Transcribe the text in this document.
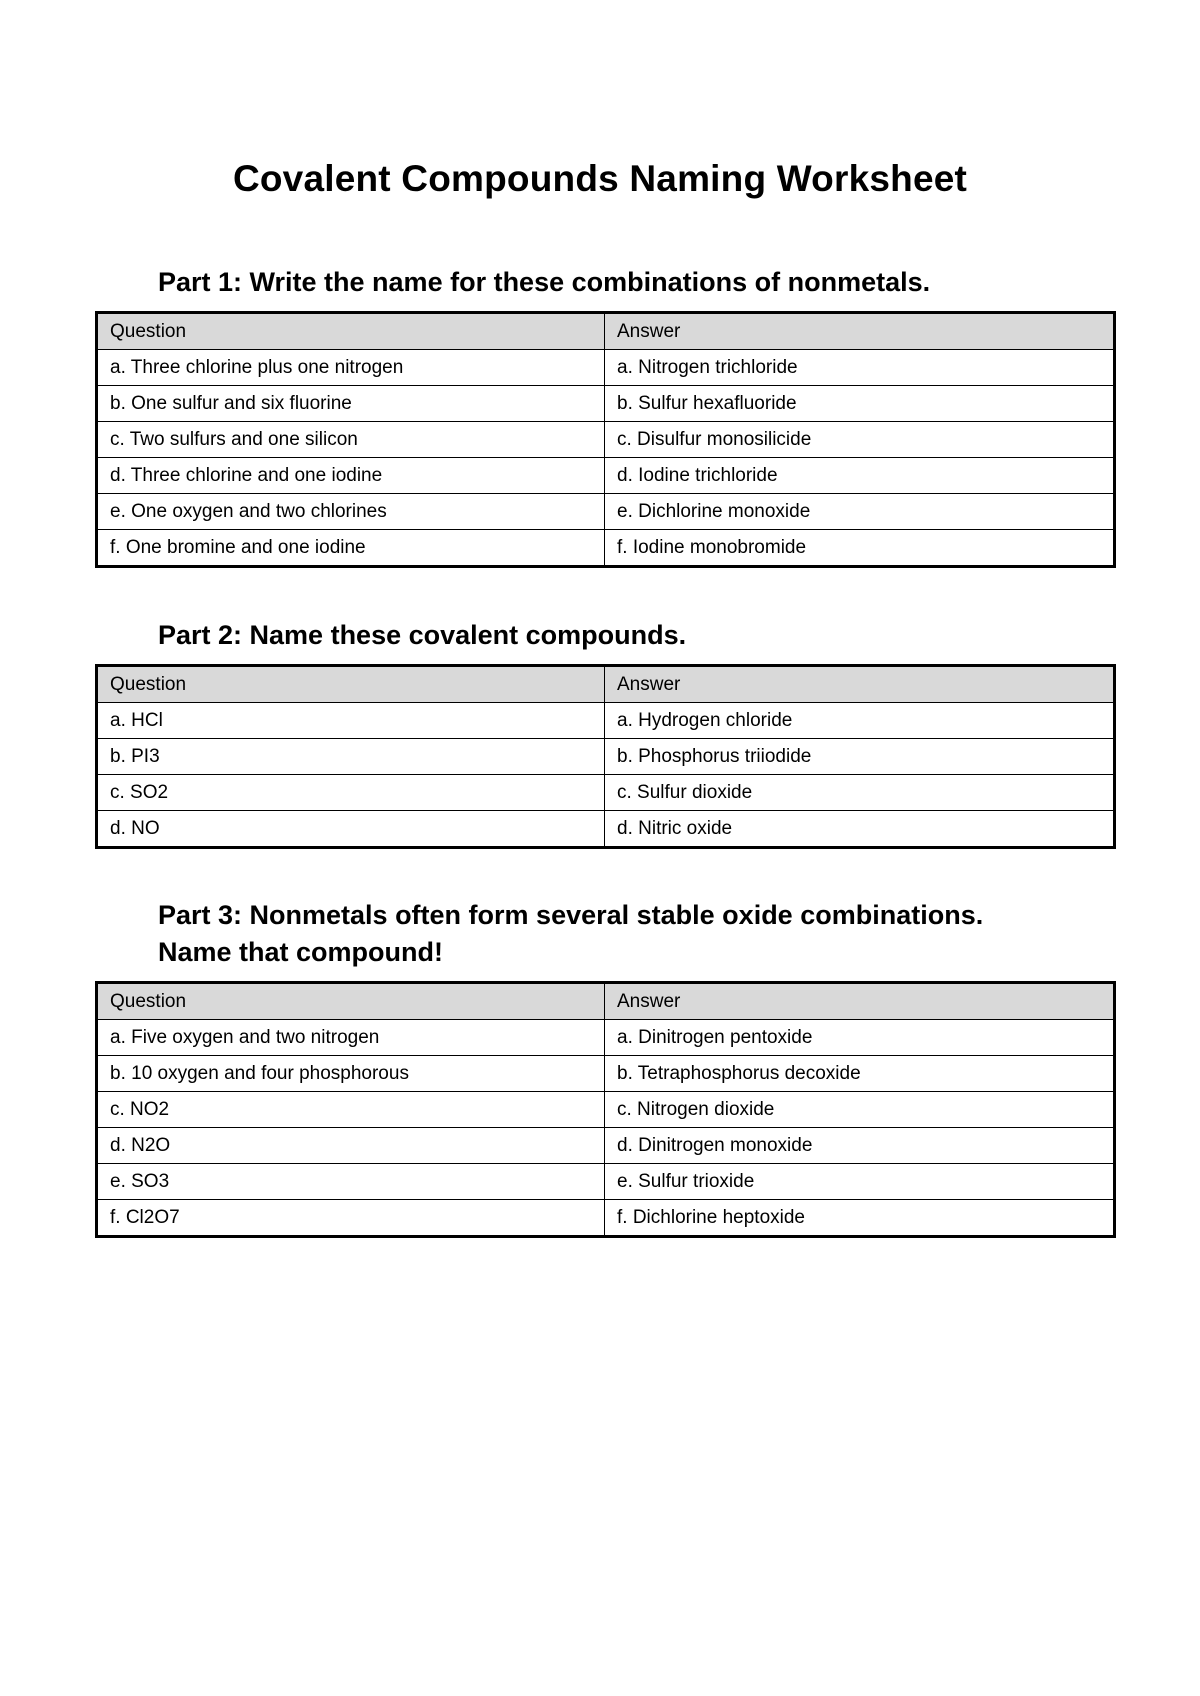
Covalent Compounds Naming Worksheet
Part 1: Write the name for these combinations of nonmetals.
Question	Answer
a. Three chlorine plus one nitrogen	a. Nitrogen trichloride
b. One sulfur and six fluorine	b. Sulfur hexafluoride
c. Two sulfurs and one silicon	c. Disulfur monosilicide
d. Three chlorine and one iodine	d. Iodine trichloride
e. One oxygen and two chlorines	e. Dichlorine monoxide
f. One bromine and one iodine	f. Iodine monobromide
Part 2: Name these covalent compounds.
Question	Answer
a. HCl	a. Hydrogen chloride
b. PI3	b. Phosphorus triiodide
c. SO2	c. Sulfur dioxide
d. NO	d. Nitric oxide
Part 3: Nonmetals often form several stable oxide combinations.
Name that compound!
Question	Answer
a. Five oxygen and two nitrogen	a. Dinitrogen pentoxide
b. 10 oxygen and four phosphorous	b. Tetraphosphorus decoxide
c. NO2	c. Nitrogen dioxide
d. N2O	d. Dinitrogen monoxide
e. SO3	e. Sulfur trioxide
f. Cl2O7	f. Dichlorine heptoxide
